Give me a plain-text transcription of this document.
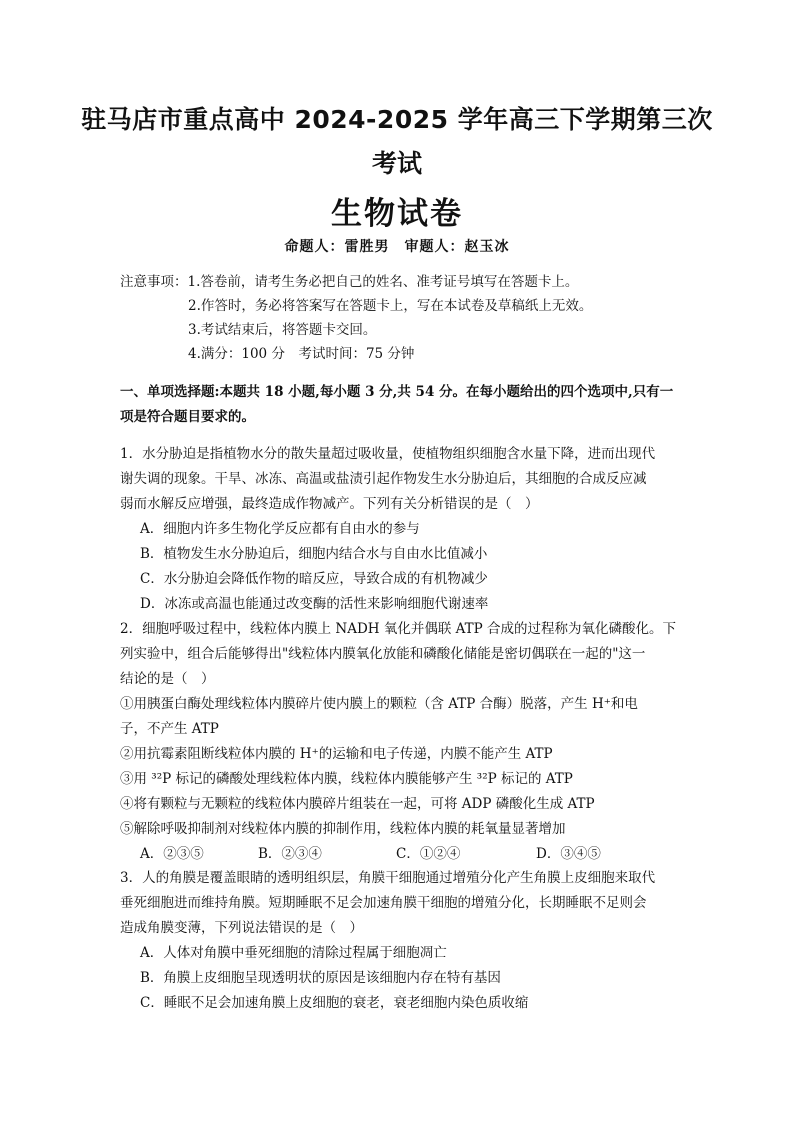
驻马店市重点高中 2024-2025 学年高三下学期第三次
考试
生物试卷
命题人：雷胜男　审题人：赵玉冰
注意事项：1.答卷前，请考生务必把自己的姓名、准考证号填写在答题卡上。
2.作答时，务必将答案写在答题卡上，写在本试卷及草稿纸上无效。
3.考试结束后，将答题卡交回。
4.满分：100 分　考试时间：75 分钟

一、单项选择题:本题共 18 小题,每小题 3 分,共 54 分。在每小题给出的四个选项中,只有一

项是符合题目要求的。

1．水分胁迫是指植物水分的散失量超过吸收量，使植物组织细胞含水量下降，进而出现代

谢失调的现象。干旱、冰冻、高温或盐渍引起作物发生水分胁迫后，其细胞的合成反应减

弱而水解反应增强，最终造成作物减产。下列有关分析错误的是（　）

A．细胞内许多生物化学反应都有自由水的参与

B．植物发生水分胁迫后，细胞内结合水与自由水比值减小

C．水分胁迫会降低作物的暗反应，导致合成的有机物减少

D．冰冻或高温也能通过改变酶的活性来影响细胞代谢速率

2．细胞呼吸过程中，线粒体内膜上 NADH 氧化并偶联 ATP 合成的过程称为氧化磷酸化。下

列实验中，组合后能够得出"线粒体内膜氧化放能和磷酸化储能是密切偶联在一起的"这一

结论的是（　）

①用胰蛋白酶处理线粒体内膜碎片使内膜上的颗粒（含 ATP 合酶）脱落，产生 H⁺和电

子，不产生 ATP

②用抗霉素阻断线粒体内膜的 H⁺的运输和电子传递，内膜不能产生 ATP

③用 ³²P 标记的磷酸处理线粒体内膜，线粒体内膜能够产生 ³²P 标记的 ATP

④将有颗粒与无颗粒的线粒体内膜碎片组装在一起，可将 ADP 磷酸化生成 ATP

⑤解除呼吸抑制剂对线粒体内膜的抑制作用，线粒体内膜的耗氧量显著增加

A．②③⑤	B．②③④	C．①②④	D．③④⑤

3．人的角膜是覆盖眼睛的透明组织层，角膜干细胞通过增殖分化产生角膜上皮细胞来取代

垂死细胞进而维持角膜。短期睡眠不足会加速角膜干细胞的增殖分化，长期睡眠不足则会

造成角膜变薄，下列说法错误的是（　）

A．人体对角膜中垂死细胞的清除过程属于细胞凋亡

B．角膜上皮细胞呈现透明状的原因是该细胞内存在特有基因

C．睡眠不足会加速角膜上皮细胞的衰老，衰老细胞内染色质收缩
